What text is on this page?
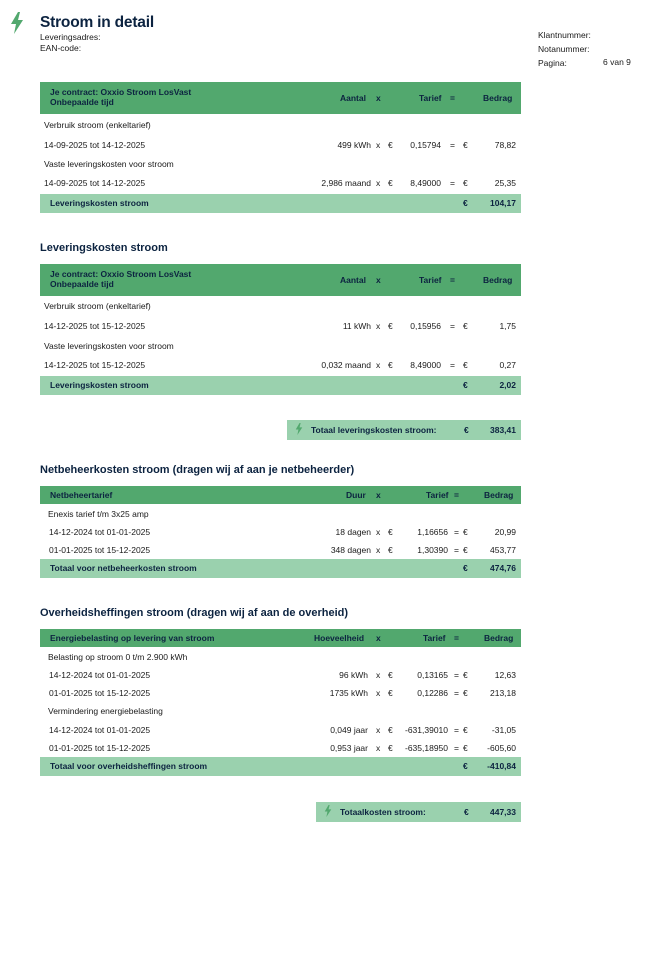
Stroom in detail
Leveringsadres:
EAN-code:
Klantnummer:
Notanummer:
Pagina:	6 van 9
Je contract: Oxxio Stroom LosVast
Onbepaalde tijd	Aantal x	Tarief =	Bedrag
Verbruik stroom (enkeltarief)
14-09-2025 tot 14-12-2025	499 kWh x € 0,15794 = €	78,82
Vaste leveringskosten voor stroom
14-09-2025 tot 14-12-2025	2,986 maand x € 8,49000 = €	25,35
Leveringskosten stroom	€	104,17
Leveringskosten stroom
Je contract: Oxxio Stroom LosVast
Onbepaalde tijd	Aantal x	Tarief =	Bedrag
Verbruik stroom (enkeltarief)
14-12-2025 tot 15-12-2025	11 kWh x € 0,15956 = €	1,75
Vaste leveringskosten voor stroom
14-12-2025 tot 15-12-2025	0,032 maand x € 8,49000 = €	0,27
Leveringskosten stroom	€	2,02
Totaal leveringskosten stroom:	€	383,41
Netbeheerkosten stroom (dragen wij af aan je netbeheerder)
Netbeheertarief	Duur x	Tarief =	Bedrag
Enexis tarief t/m 3x25 amp
14-12-2024 tot 01-01-2025	18 dagen x €	1,16656 = €	20,99
01-01-2025 tot 15-12-2025	348 dagen x €	1,30390 = €	453,77
Totaal voor netbeheerkosten stroom	€	474,76
Overheidsheffingen stroom (dragen wij af aan de overheid)
Energiebelasting op levering van stroom	Hoeveelheid x	Tarief =	Bedrag
Belasting op stroom 0 t/m 2.900 kWh
14-12-2024 tot 01-01-2025	96 kWh x €	0,13165 = €	12,63
01-01-2025 tot 15-12-2025	1735 kWh x €	0,12286 = €	213,18
Vermindering energiebelasting
14-12-2024 tot 01-01-2025	0,049 jaar x € -631,39010 = €	-31,05
01-01-2025 tot 15-12-2025	0,953 jaar x € -635,18950 = € -605,60
Totaal voor overheidsheffingen stroom	€ -410,84
Totaalkosten stroom:	€	447,33
